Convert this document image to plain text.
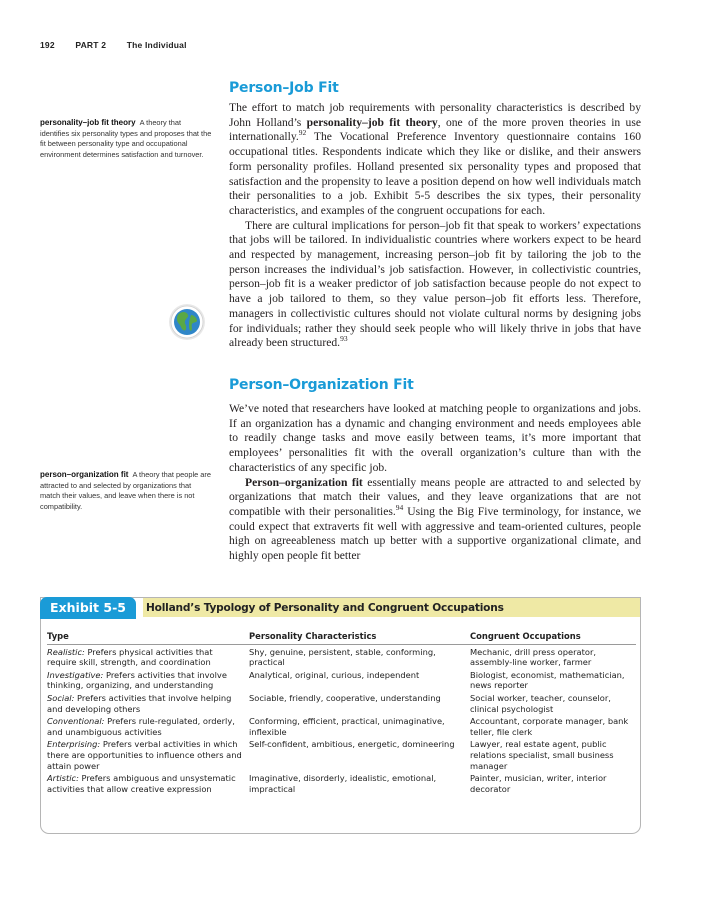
192 PART 2 The Individual
Person–Job Fit

personality–job fit theory A theory that identifies six personality types and proposes that the fit between personality type and occupational environment determines satisfaction and turnover.

The effort to match job requirements with personality characteristics is described by John Holland’s personality–job fit theory, one of the more proven theories in use internationally.$^{92}$ The Vocational Preference Inventory questionnaire contains 160 occupational titles. Respondents indicate which they like or dislike, and their answers form personality profiles. Holland presented six personality types and proposed that satisfaction and the propensity to leave a position depend on how well individuals match their personalities to a job. Exhibit 5-5 describes the six types, their personality characteristics, and examples of the congruent occupations for each.

There are cultural implications for person–job fit that speak to workers’ expectations that jobs will be tailored. In individualistic countries where workers expect to be heard and respected by management, increasing person–job fit by tailoring the job to the person increases the individual’s job satisfaction. However, in collectivistic countries, person–job fit is a weaker predictor of job satisfaction because people do not expect to have a job tailored to them, so they value person–job fit efforts less. Therefore, managers in collectivistic cultures should not violate cultural norms by designing jobs for individuals; rather they should seek people who will likely thrive in jobs that have already been structured.$^{93}$

Person–Organization Fit

person–organization fit A theory that people are attracted to and selected by organizations that match their values, and leave when there is not compatibility.

We’ve noted that researchers have looked at matching people to organizations and jobs. If an organization has a dynamic and changing environment and needs employees able to readily change tasks and move easily between teams, it’s more important that employees’ personalities fit with the overall organization’s culture than with the characteristics of any specific job.

Person–organization fit essentially means people are attracted to and selected by organizations that match their values, and they leave organizations that are not compatible with their personalities.$^{94}$ Using the Big Five terminology, for instance, we could expect that extraverts fit well with aggressive and team-oriented cultures, people high on agreeableness match up better with a supportive organizational climate, and highly open people fit better

Exhibit 5-5	Holland’s Typology of Personality and Congruent Occupations
Type	Personality Characteristics	Congruent Occupations
Realistic: Prefers physical activities that require skill, strength, and coordination	Shy, genuine, persistent, stable, conforming, practical	Mechanic, drill press operator, assembly-line worker, farmer
Investigative: Prefers activities that involve thinking, organizing, and understanding	Analytical, original, curious, independent	Biologist, economist, mathematician, news reporter
Social: Prefers activities that involve helping and developing others	Sociable, friendly, cooperative, understanding	Social worker, teacher, counselor, clinical psychologist
Conventional: Prefers rule-regulated, orderly, and unambiguous activities	Conforming, efficient, practical, unimaginative, inflexible	Accountant, corporate manager, bank teller, file clerk
Enterprising: Prefers verbal activities in which there are opportunities to influence others and attain power	Self-confident, ambitious, energetic, domineering	Lawyer, real estate agent, public relations specialist, small business manager
Artistic: Prefers ambiguous and unsystematic activities that allow creative expression	Imaginative, disorderly, idealistic, emotional, impractical	Painter, musician, writer, interior decorator
